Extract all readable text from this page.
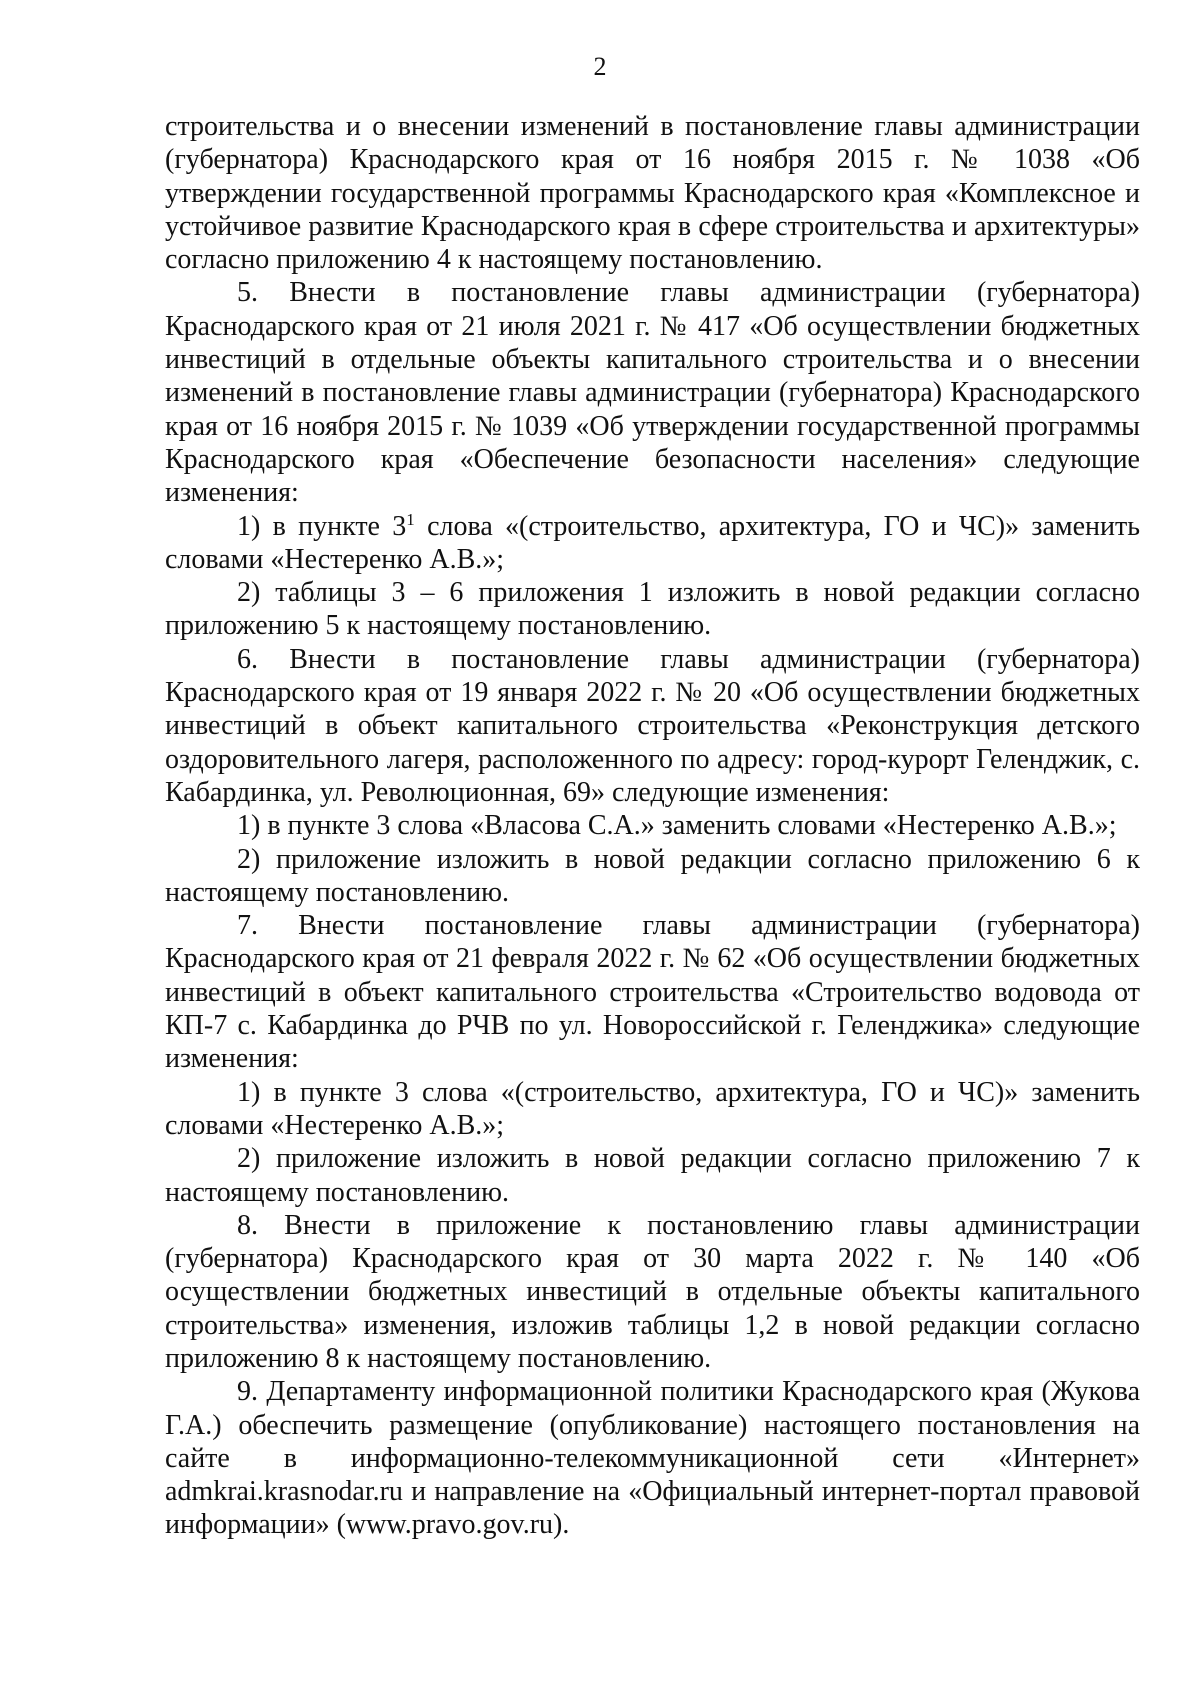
2

строительства и о внесении изменений в постановление главы администрации (губернатора) Краснодарского края от 16 ноября 2015 г. № 1038 «Об утверждении государственной программы Краснодарского края «Комплексное и устойчивое развитие Краснодарского края в сфере строительства и архитектуры» согласно приложению 4 к настоящему постановлению.

5. Внести в постановление главы администрации (губернатора) Краснодарского края от 21 июля 2021 г. № 417 «Об осуществлении бюджетных инвестиций в отдельные объекты капитального строительства и о внесении изменений в постановление главы администрации (губернатора) Краснодарского края от 16 ноября 2015 г. № 1039 «Об утверждении государственной программы Краснодарского края «Обеспечение безопасности населения» следующие изменения:

1) в пункте $3^1$ слова «(строительство, архитектура, ГО и ЧС)» заменить словами «Нестеренко А.В.»;

2) таблицы 3 – 6 приложения 1 изложить в новой редакции согласно приложению 5 к настоящему постановлению.

6. Внести в постановление главы администрации (губернатора) Краснодарского края от 19 января 2022 г. № 20 «Об осуществлении бюджетных инвестиций в объект капитального строительства «Реконструкция детского оздоровительного лагеря, расположенного по адресу: город-курорт Геленджик, с. Кабардинка, ул. Революционная, 69» следующие изменения:

1) в пункте 3 слова «Власова С.А.» заменить словами «Нестеренко А.В.»;

2) приложение изложить в новой редакции согласно приложению 6 к настоящему постановлению.

7. Внести постановление главы администрации (губернатора) Краснодарского края от 21 февраля 2022 г. № 62 «Об осуществлении бюджетных инвестиций в объект капитального строительства «Строительство водовода от КП-7 с. Кабардинка до РЧВ по ул. Новороссийской г. Геленджика» следующие изменения:

1) в пункте 3 слова «(строительство, архитектура, ГО и ЧС)» заменить словами «Нестеренко А.В.»;

2) приложение изложить в новой редакции согласно приложению 7 к настоящему постановлению.

8. Внести в приложение к постановлению главы администрации (губернатора) Краснодарского края от 30 марта 2022 г. № 140 «Об осуществлении бюджетных инвестиций в отдельные объекты капитального строительства» изменения, изложив таблицы 1,2 в новой редакции согласно приложению 8 к настоящему постановлению.

9. Департаменту информационной политики Краснодарского края (Жукова Г.А.) обеспечить размещение (опубликование) настоящего постановления на сайте в информационно-телекоммуникационной сети «Интернет» admkrai.krasnodar.ru и направление на «Официальный интернет-портал правовой информации» (www.pravo.gov.ru).
